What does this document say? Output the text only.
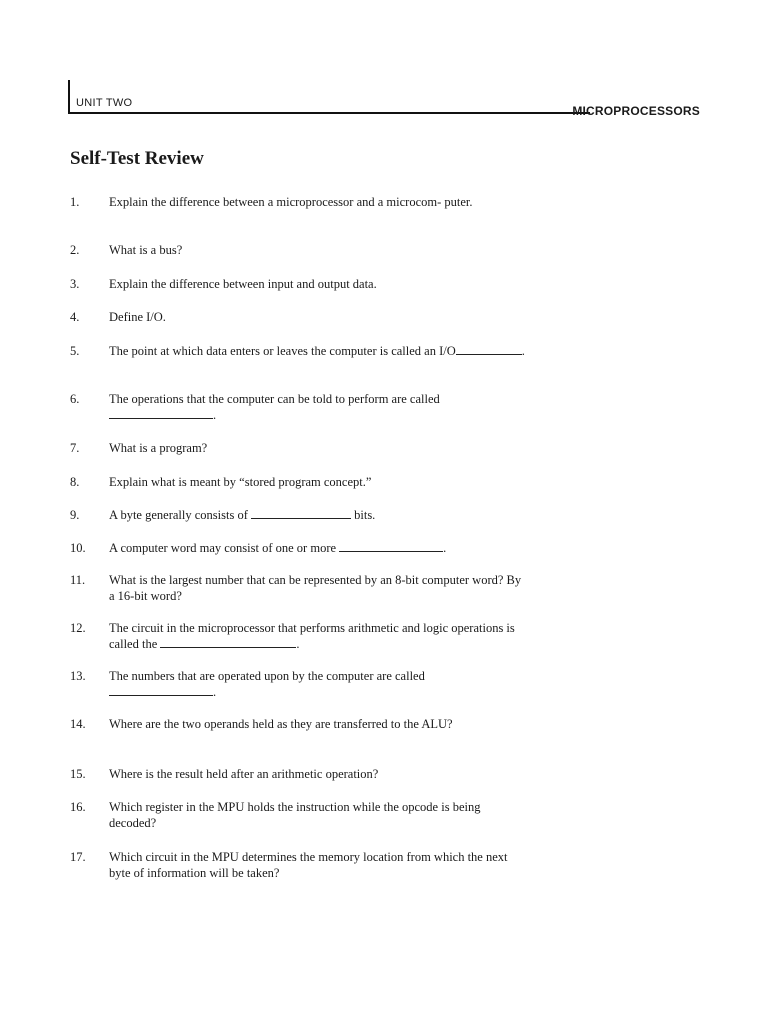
UNIT TWO
MICROPROCESSORS
Self-Test Review
1.	Explain the difference between a microprocessor and a microcom- puter.
2.	What is a bus?
3.	Explain the difference between input and output data.
4.	Define I/O.
5.	The point at which data enters or leaves the computer is called an I/O	.
6.	The operations that the computer can be told to perform are called
.
7.	What is a program?
8.	Explain what is meant by “stored program concept.”
9.	A byte generally consists of	bits.
10.	A computer word may consist of one or more	.
11.	What is the largest number that can be represented by an 8-bit computer word? By a 16-bit word?
12.	The circuit in the microprocessor that performs arithmetic and logic operations is called the	.
13.	The numbers that are operated upon by the computer are called
.
14.	Where are the two operands held as they are transferred to the ALU?
15.	Where is the result held after an arithmetic operation?
16.	Which register in the MPU holds the instruction while the opcode is being decoded?
17.	Which circuit in the MPU determines the memory location from which the next byte of information will be taken?
